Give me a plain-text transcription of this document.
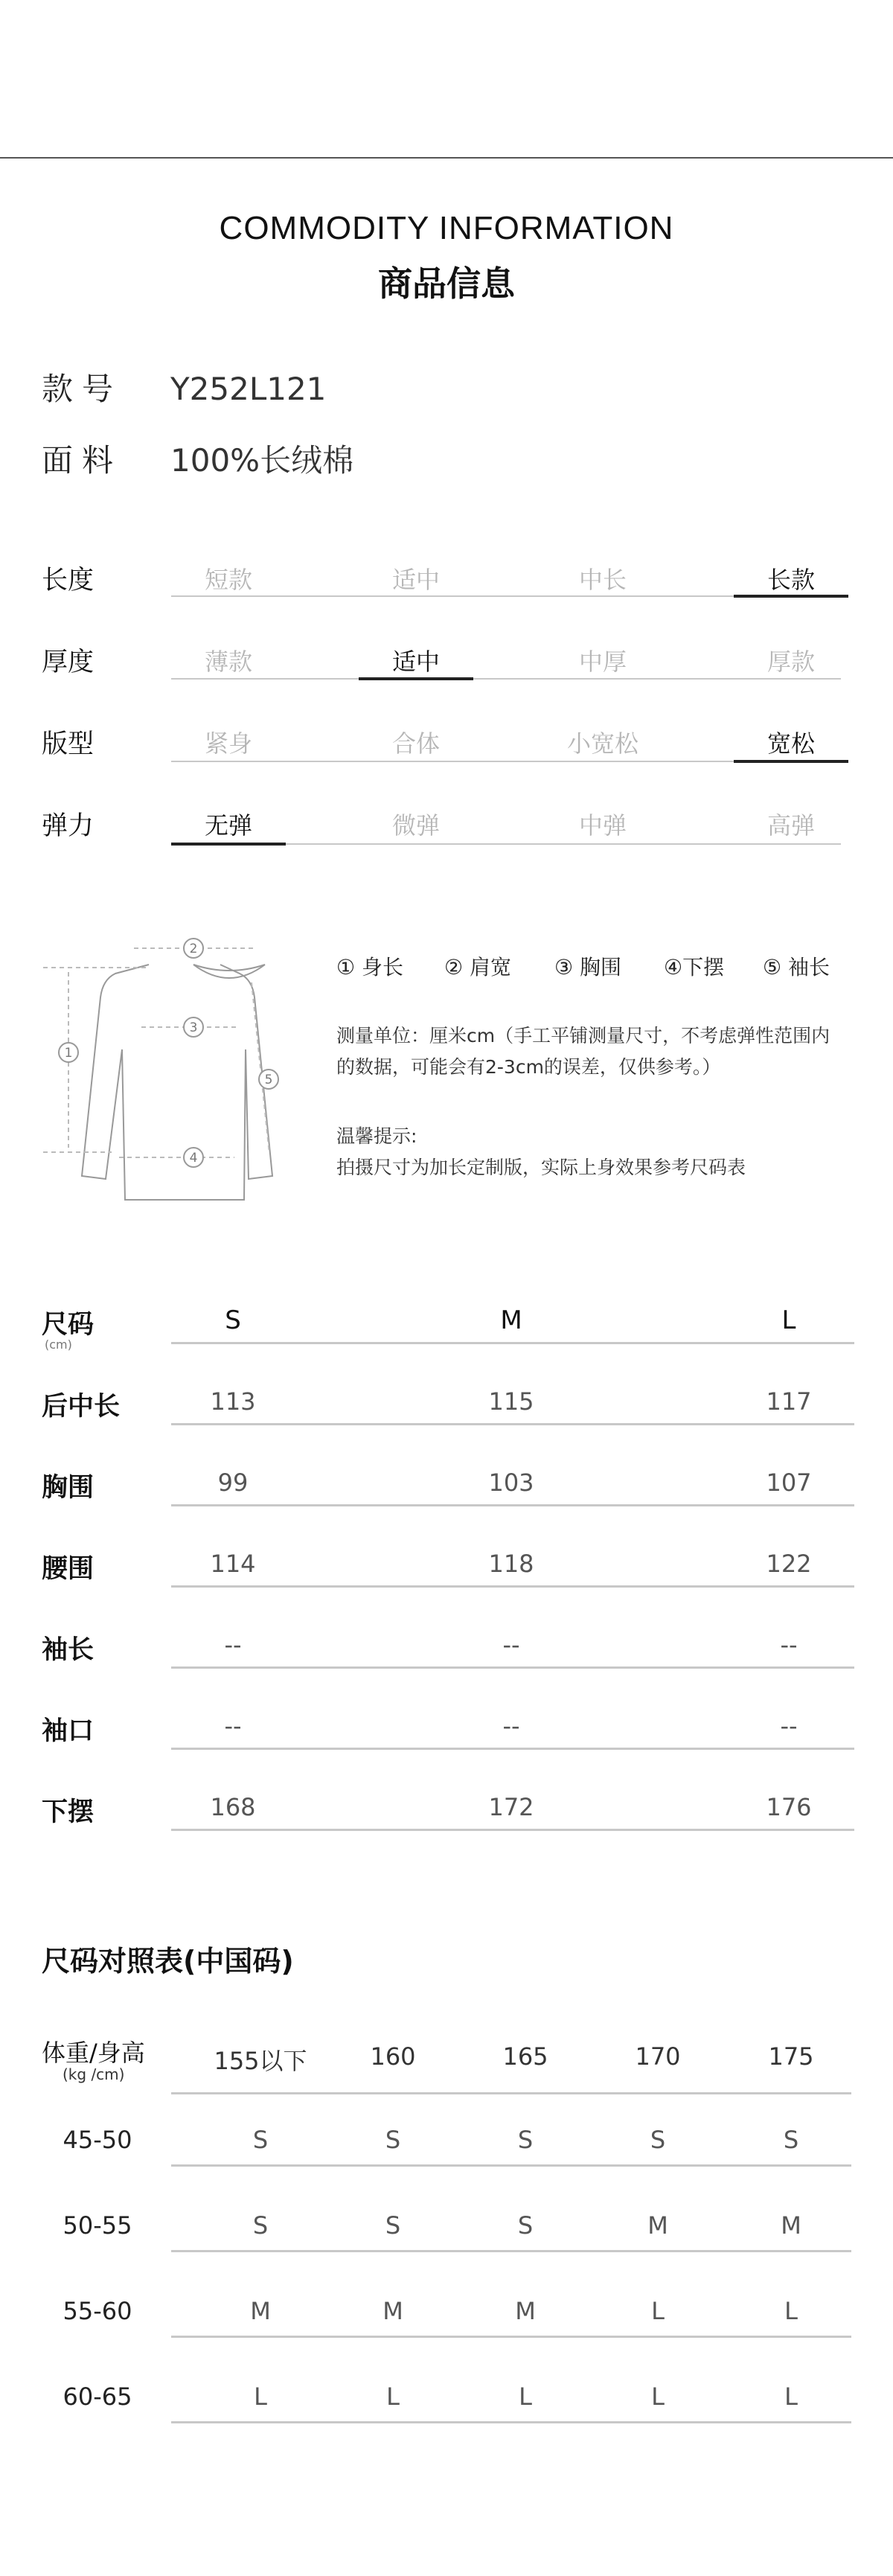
COMMODITY INFORMATION
商品信息
款号 Y252L121
面料 100%长绒棉
长度	短款	适中	中长	长款
厚度	薄款	适中	中厚	厚款
版型	紧身	合体	小宽松	宽松
弹力	无弹	微弹	中弹	高弹
2
1
3
5
4
① 身长 ② 肩宽 ③ 胸围 ④下摆 ⑤ 袖长
测量单位：厘米cm（手工平铺测量尺寸，不考虑弹性范围内
的数据，可能会有2-3cm的误差，仅供参考。）
温馨提示:
拍摄尺寸为加长定制版，实际上身效果参考尺码表
尺码
(cm)
S	M	L
后中长	113	115	117
胸围	99	103	107
腰围	114	118	122
袖长	--	--	--
袖口	--	--	--
下摆	168	172	176
尺码对照表(中国码)
体重/身高
(kg /cm)	155以下	160	165	170	175
45-50	S	S	S	S	S
50-55	S	S	S	M	M
55-60	M	M	M	L	L
60-65	L	L	L	L	L
